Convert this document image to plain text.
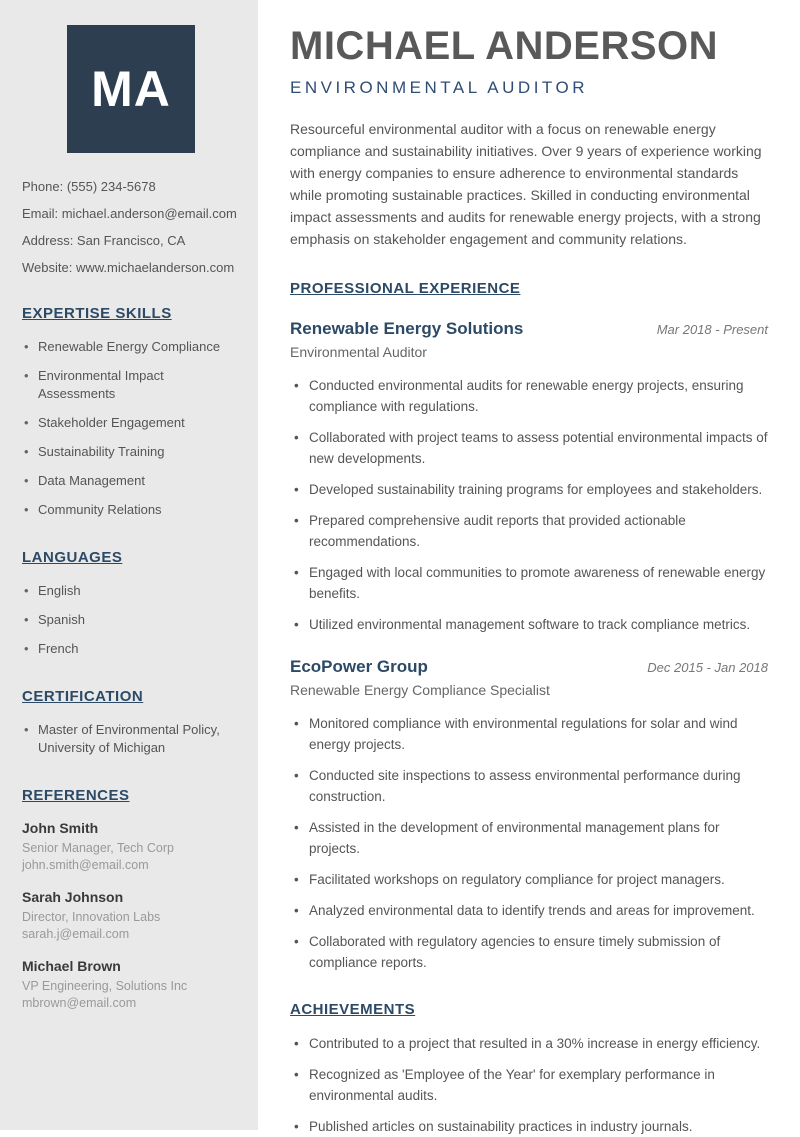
MA
Phone: (555) 234-5678
Email: michael.anderson@email.com
Address: San Francisco, CA
Website: www.michaelanderson.com
EXPERTISE SKILLS
• Renewable Energy Compliance
• Environmental Impact Assessments
• Stakeholder Engagement
• Sustainability Training
• Data Management
• Community Relations
LANGUAGES
• English
• Spanish
• French
CERTIFICATION
• Master of Environmental Policy, University of Michigan
REFERENCES
John Smith
Senior Manager, Tech Corp
john.smith@email.com
Sarah Johnson
Director, Innovation Labs
sarah.j@email.com
Michael Brown
VP Engineering, Solutions Inc
mbrown@email.com
MICHAEL ANDERSON
ENVIRONMENTAL AUDITOR

Resourceful environmental auditor with a focus on renewable energy compliance and sustainability initiatives. Over 9 years of experience working with energy companies to ensure adherence to environmental standards while promoting sustainable practices. Skilled in conducting environmental impact assessments and audits for renewable energy projects, with a strong emphasis on stakeholder engagement and community relations.

PROFESSIONAL EXPERIENCE
Renewable Energy Solutions	Mar 2018 - Present
Environmental Auditor
• Conducted environmental audits for renewable energy projects, ensuring compliance with regulations.
• Collaborated with project teams to assess potential environmental impacts of new developments.
• Developed sustainability training programs for employees and stakeholders.
• Prepared comprehensive audit reports that provided actionable recommendations.
• Engaged with local communities to promote awareness of renewable energy benefits.
• Utilized environmental management software to track compliance metrics.
EcoPower Group	Dec 2015 - Jan 2018
Renewable Energy Compliance Specialist
• Monitored compliance with environmental regulations for solar and wind energy projects.
• Conducted site inspections to assess environmental performance during construction.
• Assisted in the development of environmental management plans for projects.
• Facilitated workshops on regulatory compliance for project managers.
• Analyzed environmental data to identify trends and areas for improvement.
• Collaborated with regulatory agencies to ensure timely submission of compliance reports.
ACHIEVEMENTS
• Contributed to a project that resulted in a 30% increase in energy efficiency.
• Recognized as 'Employee of the Year' for exemplary performance in environmental audits.
• Published articles on sustainability practices in industry journals.
